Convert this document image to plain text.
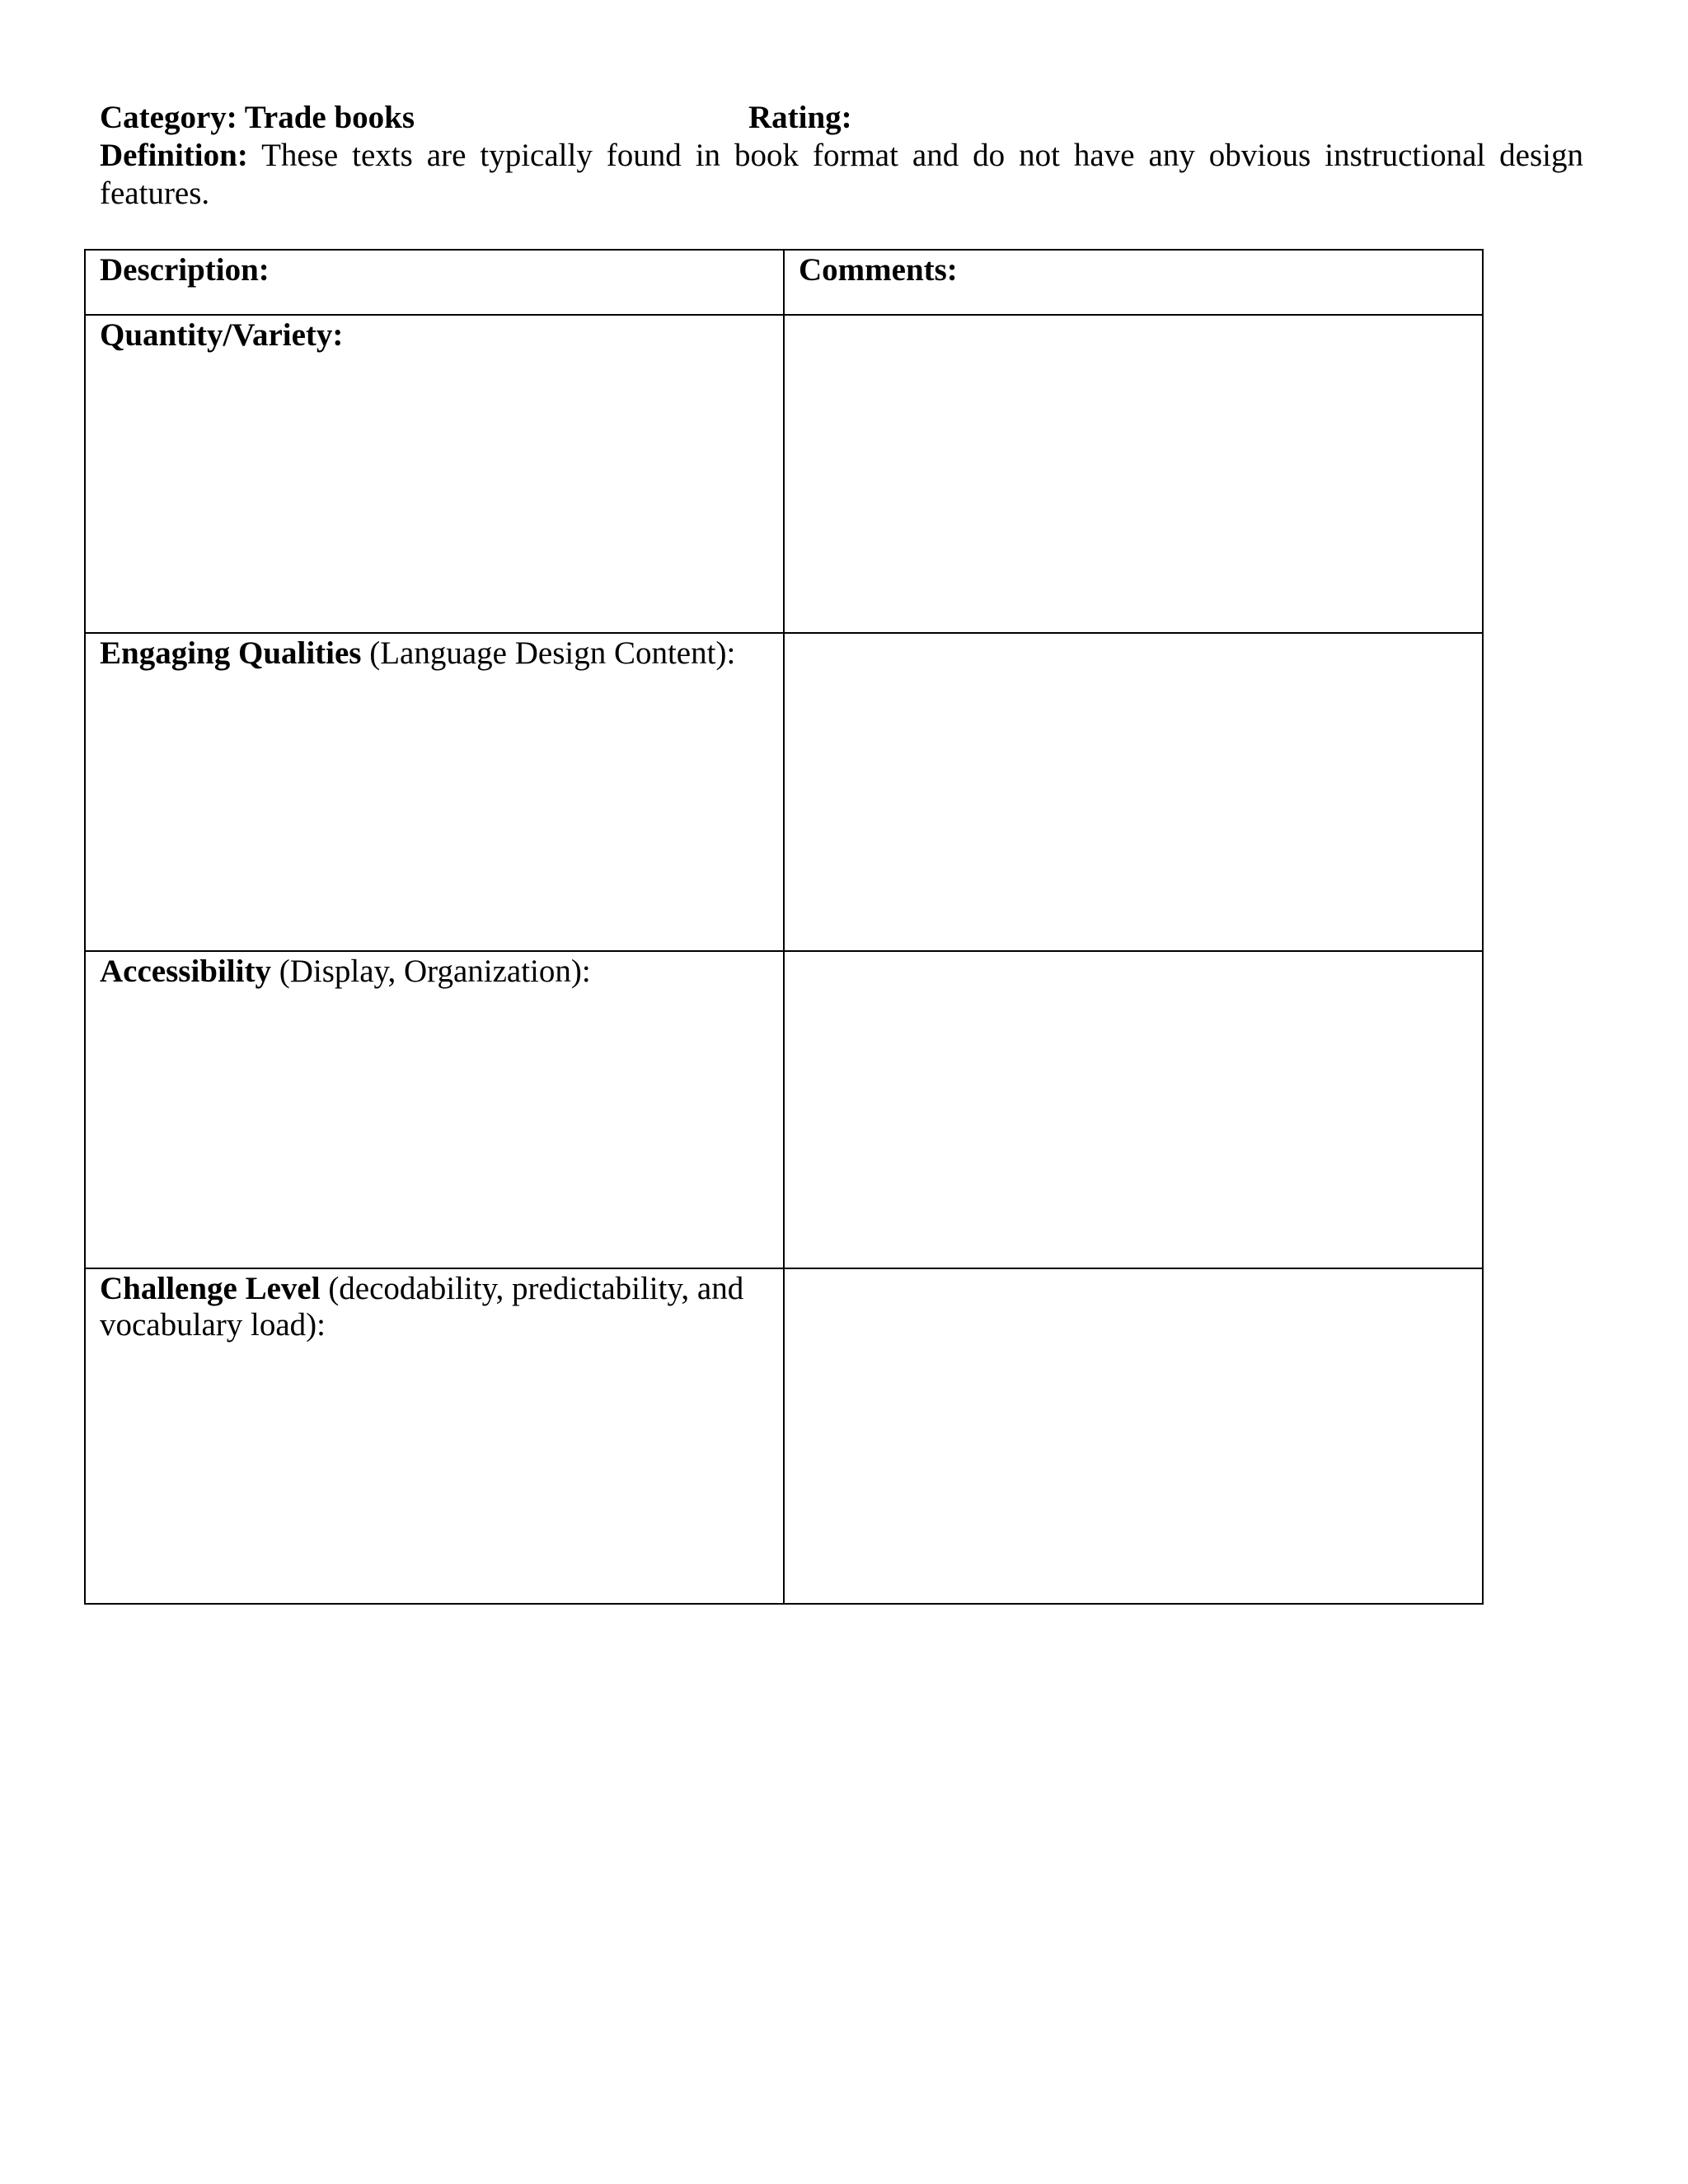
Category: Trade books	Rating:
Definition: These texts are typically found in book format and do not have any obvious instructional design features.
Description:	Comments:
Quantity/Variety:	
Engaging Qualities (Language Design Content):	
Accessibility (Display, Organization):	
Challenge Level (decodability, predictability, and vocabulary load):	
